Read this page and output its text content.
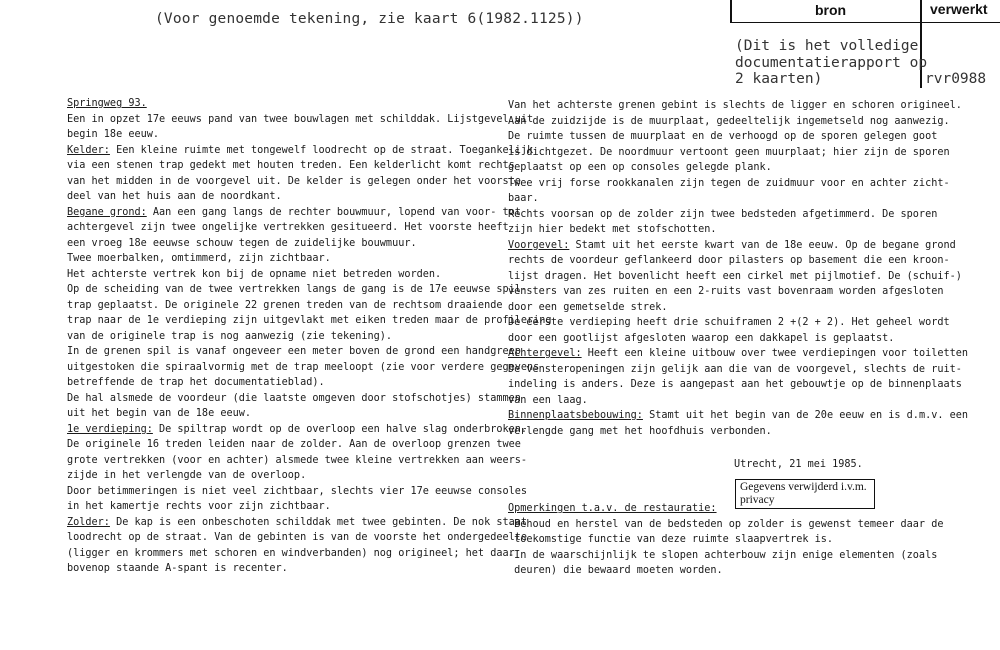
(Voor genoemde tekening, zie kaart 6(1982.1125))
bron	verwerkt
(Dit is het volledige
documentatierapport op
2 kaarten)	rvr0988
Springweg 93.
Een in opzet 17e eeuws pand van twee bouwlagen met schilddak. Lijstgevel uit
begin 18e eeuw.
Kelder: Een kleine ruimte met tongewelf loodrecht op de straat. Toegankelijk
via een stenen trap gedekt met houten treden. Een kelderlicht komt rechts
van het midden in de voorgevel uit. De kelder is gelegen onder het voorste
deel van het huis aan de noordkant.
Begane grond: Aan een gang langs de rechter bouwmuur, lopend van voor- tot
achtergevel zijn twee ongelijke vertrekken gesitueerd. Het voorste heeft
een vroeg 18e eeuwse schouw tegen de zuidelijke bouwmuur.
Twee moerbalken, omtimmerd, zijn zichtbaar.
Het achterste vertrek kon bij de opname niet betreden worden.
Op de scheiding van de twee vertrekken langs de gang is de 17e eeuwse spil-
trap geplaatst. De originele 22 grenen treden van de rechtsom draaiende
trap naar de 1e verdieping zijn uitgevlakt met eiken treden maar de profilering
van de originele trap is nog aanwezig (zie tekening).
In de grenen spil is vanaf ongeveer een meter boven de grond een handgreep
uitgestoken die spiraalvormig met de trap meeloopt (zie voor verdere gegevens
betreffende de trap het documentatieblad).
De hal alsmede de voordeur (die laatste omgeven door stofschotjes) stammen
uit het begin van de 18e eeuw.
1e verdieping: De spiltrap wordt op de overloop een halve slag onderbroken.
De originele 16 treden leiden naar de zolder. Aan de overloop grenzen twee
grote vertrekken (voor en achter) alsmede twee kleine vertrekken aan weers-
zijde in het verlengde van de overloop.
Door betimmeringen is niet veel zichtbaar, slechts vier 17e eeuwse consoles
in het kamertje rechts voor zijn zichtbaar.
Zolder: De kap is een onbeschoten schilddak met twee gebinten. De nok staat
loodrecht op de straat. Van de gebinten is van de voorste het ondergedeelte
(ligger en krommers met schoren en windverbanden) nog origineel; het daar
bovenop staande A-spant is recenter.
Van het achterste grenen gebint is slechts de ligger en schoren origineel.
Aan de zuidzijde is de muurplaat, gedeeltelijk ingemetseld nog aanwezig.
De ruimte tussen de muurplaat en de verhoogd op de sporen gelegen goot
is dichtgezet. De noordmuur vertoont geen muurplaat; hier zijn de sporen
geplaatst op een op consoles gelegde plank.
Twee vrij forse rookkanalen zijn tegen de zuidmuur voor en achter zicht-
baar.
Rechts voorsan op de zolder zijn twee bedsteden afgetimmerd. De sporen
zijn hier bedekt met stofschotten.
Voorgevel: Stamt uit het eerste kwart van de 18e eeuw. Op de begane grond
rechts de voordeur geflankeerd door pilasters op basement die een kroon-
lijst dragen. Het bovenlicht heeft een cirkel met pijlmotief. De (schuif-)
vensters van zes ruiten en een 2-ruits vast bovenraam worden afgesloten
door een gemetselde strek.
De eerste verdieping heeft drie schuiframen 2 +(2 + 2). Het geheel wordt
door een gootlijst afgesloten waarop een dakkapel is geplaatst.
Achtergevel: Heeft een kleine uitbouw over twee verdiepingen voor toiletten
De vensteropeningen zijn gelijk aan die van de voorgevel, slechts de ruit-
indeling is anders. Deze is aangepast aan het gebouwtje op de binnenplaats
van een laag.
Binnenplaatsbebouwing: Stamt uit het begin van de 20e eeuw en is d.m.v. een
verlengde gang met het hoofdhuis verbonden.
Opmerkingen t.a.v. de restauratie:
-Behoud en herstel van de bedsteden op zolder is gewenst temeer daar de
toekomstige functie van deze ruimte slaapvertrek is.
-In de waarschijnlijk te slopen achterbouw zijn enige elementen (zoals
deuren) die bewaard moeten worden.
Utrecht, 21 mei 1985.
Gegevens verwijderd i.v.m. privacy
